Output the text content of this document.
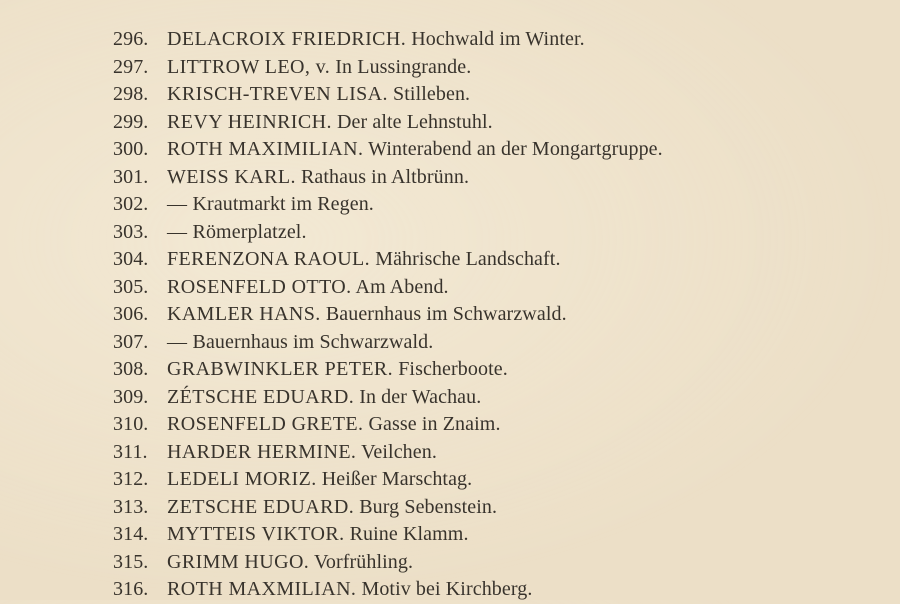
296. DELACROIX FRIEDRICH. Hochwald im Winter.
297. LITTROW LEO, v. In Lussingrande.
298. KRISCH-TREVEN LISA. Stilleben.
299. REVY HEINRICH. Der alte Lehnstuhl.
300. ROTH MAXIMILIAN. Winterabend an der Mongartgruppe.
301. WEISS KARL. Rathaus in Altbrünn.
302. — Krautmarkt im Regen.
303. — Römerplatzel.
304. FERENZONA RAOUL. Mährische Landschaft.
305. ROSENFELD OTTO. Am Abend.
306. KAMLER HANS. Bauernhaus im Schwarzwald.
307. — Bauernhaus im Schwarzwald.
308. GRABWINKLER PETER. Fischerboote.
309. ZÉTSCHE EDUARD. In der Wachau.
310. ROSENFELD GRETE. Gasse in Znaim.
311. HARDER HERMINE. Veilchen.
312. LEDELI MORIZ. Heißer Marschtag.
313. ZETSCHE EDUARD. Burg Sebenstein.
314. MYTTEIS VIKTOR. Ruine Klamm.
315. GRIMM HUGO. Vorfrühling.
316. ROTH MAXMILIAN. Motiv bei Kirchberg.
